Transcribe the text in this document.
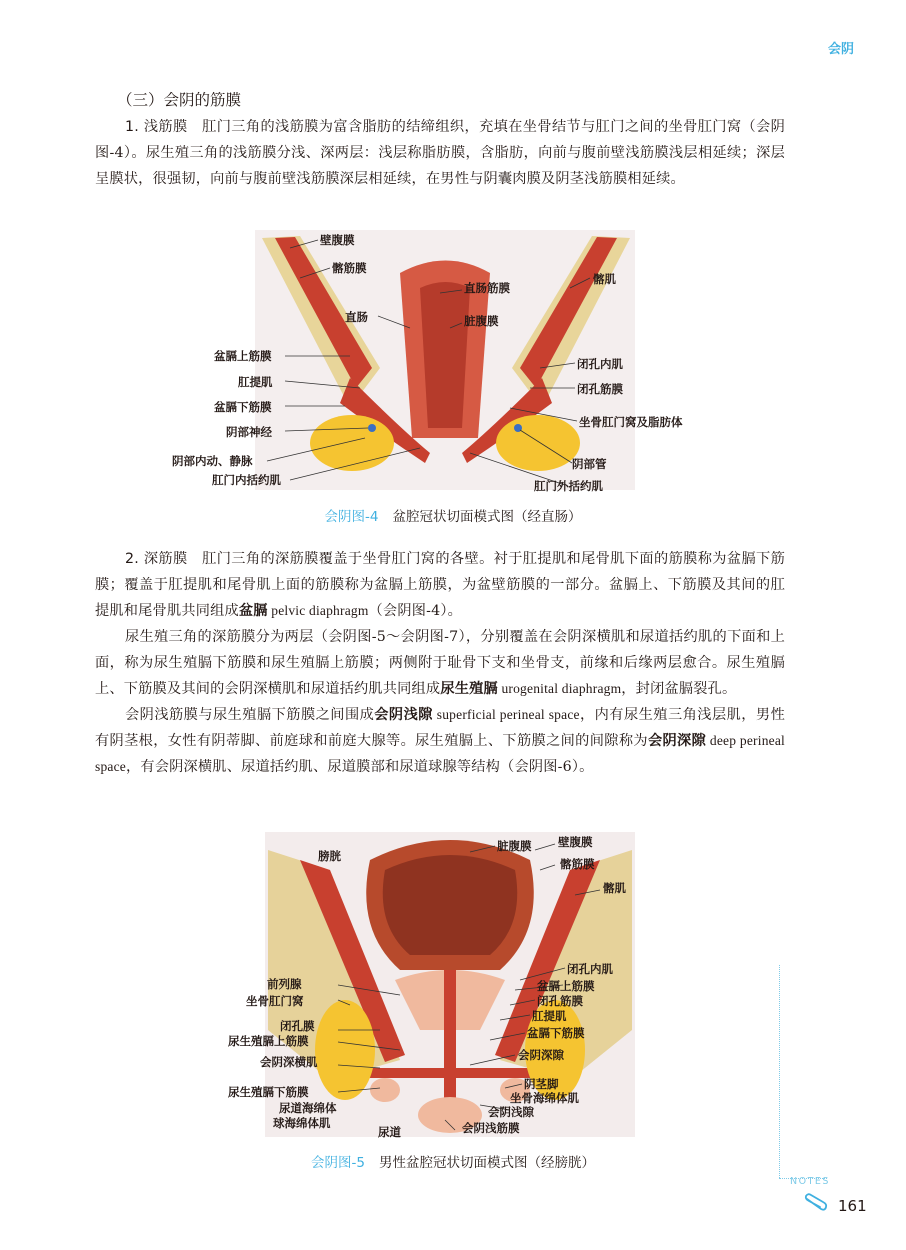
会阴
（三）会阴的筋膜

1. 浅筋膜　 肛门三角的浅筋膜为富含脂肪的结缔组织，充填在坐骨结节与肛门之间的坐骨肛门窝（会阴图-4）。尿生殖三角的浅筋膜分浅、深两层：浅层称脂肪膜，含脂肪，向前与腹前壁浅筋膜浅层相延续；深层呈膜状，很强韧，向前与腹前壁浅筋膜深层相延续，在男性与阴囊肉膜及阴茎浅筋膜相延续。

壁腹膜
髂筋膜
直肠筋膜
髂肌
直肠	脏腹膜
盆膈上筋膜
闭孔内肌
肛提肌	闭孔筋膜
盆膈下筋膜
坐骨肛门窝及脂肪体
阴部神经
阴部内动、静脉	阴部管
肛门内括约肌	肛门外括约肌
会阴图-4 盆腔冠状切面模式图（经直肠）

2. 深筋膜　 肛门三角的深筋膜覆盖于坐骨肛门窝的各壁。衬于肛提肌和尾骨肌下面的筋膜称为盆膈下筋膜；覆盖于肛提肌和尾骨肌上面的筋膜称为盆膈上筋膜，为盆壁筋膜的一部分。盆膈上、下筋膜及其间的肛提肌和尾骨肌共同组成盆膈 pelvic diaphragm（会阴图-4）。

尿生殖三角的深筋膜分为两层（会阴图-5～会阴图-7），分别覆盖在会阴深横肌和尿道括约肌的下面和上面，称为尿生殖膈下筋膜和尿生殖膈上筋膜；两侧附于耻骨下支和坐骨支，前缘和后缘两层愈合。尿生殖膈上、下筋膜及其间的会阴深横肌和尿道括约肌共同组成尿生殖膈 urogenital diaphragm，封闭盆膈裂孔。

会阴浅筋膜与尿生殖膈下筋膜之间围成会阴浅隙 superficial perineal space，内有尿生殖三角浅层肌，男性有阴茎根，女性有阴蒂脚、前庭球和前庭大腺等。尿生殖膈上、下筋膜之间的间隙称为会阴深隙 deep perineal space，有会阴深横肌、尿道括约肌、尿道膜部和尿道球腺等结构（会阴图-6）。

壁腹膜
膀胱
脏腹膜
髂筋膜
髂肌
闭孔内肌
前列腺	盆膈上筋膜
坐骨肛门窝	闭孔筋膜
肛提肌
闭孔膜	盆膈下筋膜
尿生殖膈上筋膜
会阴深隙
会阴深横肌
阴茎脚
尿生殖膈下筋膜	坐骨海绵体肌
尿道海绵体	会阴浅隙
球海绵体肌
尿道	会阴浅筋膜
会阴图-5 男性盆腔冠状切面模式图（经膀胱）
NOTES
161
